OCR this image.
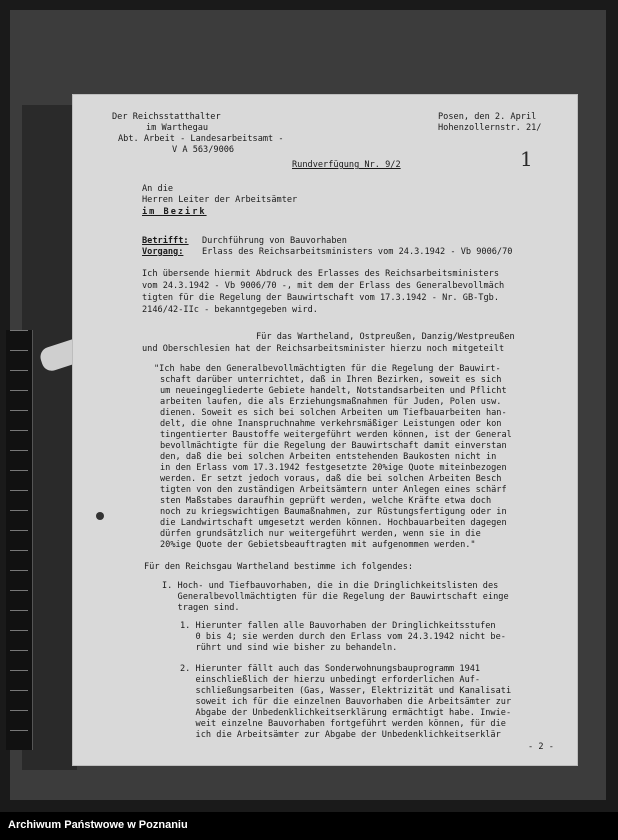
Der Reichsstatthalter
im Warthegau
Abt. Arbeit - Landesarbeitsamt -
V A 563/9006
Posen, den 2. April
Hohenzollernstr. 21/
Rundverfügung Nr. 9/2	1
An die
Herren Leiter der Arbeitsämter
im Bezirk
Betrifft: Durchführung von Bauvorhaben
Vorgang: Erlass des Reichsarbeitsministers vom 24.3.1942 - Vb 9006/70
Ich übersende hiermit Abdruck des Erlasses des Reichsarbeitsministers
vom 24.3.1942 - Vb 9006/70 -, mit dem der Erlass des Generalbevollmäch
tigten für die Regelung der Bauwirtschaft vom 17.3.1942 - Nr. GB-Tgb.
2146/42-IIc - bekanntgegeben wird.
Für das Wartheland, Ostpreußen, Danzig/Westpreußen
und Oberschlesien hat der Reichsarbeitsminister hierzu noch mitgeteilt
"Ich habe den Generalbevollmächtigten für die Regelung der Bauwirt-
schaft darüber unterrichtet, daß in Ihren Bezirken, soweit es sich
um neueingegliederte Gebiete handelt, Notstandsarbeiten und Pflicht
arbeiten laufen, die als Erziehungsmaßnahmen für Juden, Polen usw.
dienen. Soweit es sich bei solchen Arbeiten um Tiefbauarbeiten han-
delt, die ohne Inanspruchnahme verkehrsmäßiger Leistungen oder kon
tingentierter Baustoffe weitergeführt werden können, ist der General
bevollmächtigte für die Regelung der Bauwirtschaft damit einverstan
den, daß die bei solchen Arbeiten entstehenden Baukosten nicht in
in den Erlass vom 17.3.1942 festgesetzte 20%ige Quote miteinbezogen
werden. Er setzt jedoch voraus, daß die bei solchen Arbeiten Besch
tigten von den zuständigen Arbeitsämtern unter Anlegen eines schärf
sten Maßstabes daraufhin geprüft werden, welche Kräfte etwa doch
noch zu kriegswichtigen Baumaßnahmen, zur Rüstungsfertigung oder in
die Landwirtschaft umgesetzt werden können. Hochbauarbeiten dagegen
dürfen grundsätzlich nur weitergeführt werden, wenn sie in die
20%ige Quote der Gebietsbeauftragten mit aufgenommen werden."
Für den Reichsgau Wartheland bestimme ich folgendes:
I. Hoch- und Tiefbauvorhaben, die in die Dringlichkeitslisten des
Generalbevollmächtigten für die Regelung der Bauwirtschaft einge
tragen sind.
1. Hierunter fallen alle Bauvorhaben der Dringlichkeitsstufen
0 bis 4; sie werden durch den Erlass vom 24.3.1942 nicht be-
rührt und sind wie bisher zu behandeln.
2. Hierunter fällt auch das Sonderwohnungsbauprogramm 1941
einschließlich der hierzu unbedingt erforderlichen Auf-
schließungsarbeiten (Gas, Wasser, Elektrizität und Kanalisati
soweit ich für die einzelnen Bauvorhaben die Arbeitsämter zur
Abgabe der Unbedenklichkeitserklärung ermächtigt habe. Inwie-
weit einzelne Bauvorhaben fortgeführt werden können, für die
ich die Arbeitsämter zur Abgabe der Unbedenklichkeitserklär
- 2 -
Archiwum Państwowe w Poznaniu
